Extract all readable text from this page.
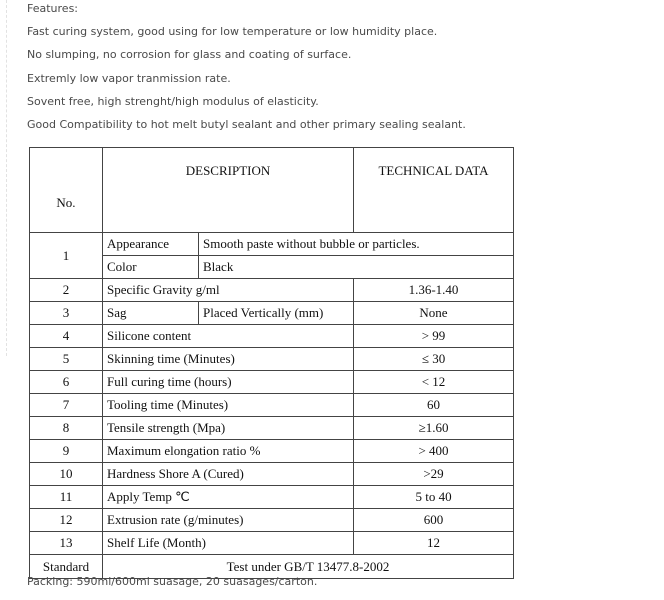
Features:
Fast curing system, good using for low temperature or low humidity place.
No slumping, no corrosion for glass and coating of surface.
Extremly low vapor tranmission rate.
Sovent free, high strenght/high modulus of elasticity.
Good Compatibility to hot melt butyl sealant and other primary sealing sealant.
No.	DESCRIPTION		TECHNICAL DATA
1	Appearance	Smooth paste without bubble or particles.	
	Color	Black	
2	Specific Gravity g/ml		1.36-1.40
3	Sag	Placed Vertically (mm)	None
4	Silicone content		> 99
5	Skinning time (Minutes)		≤ 30
6	Full curing time (hours)		< 12
7	Tooling time (Minutes)		60
8	Tensile strength (Mpa)		≥1.60
9	Maximum elongation ratio %		> 400
10	Hardness Shore A (Cured)		>29
11	Apply Temp ℃		5 to 40
12	Extrusion rate (g/minutes)		600
13	Shelf Life (Month)		12
Standard	Test under GB/T 13477.8-2002		
Packing: 590ml/600ml suasage, 20 suasages/carton.
